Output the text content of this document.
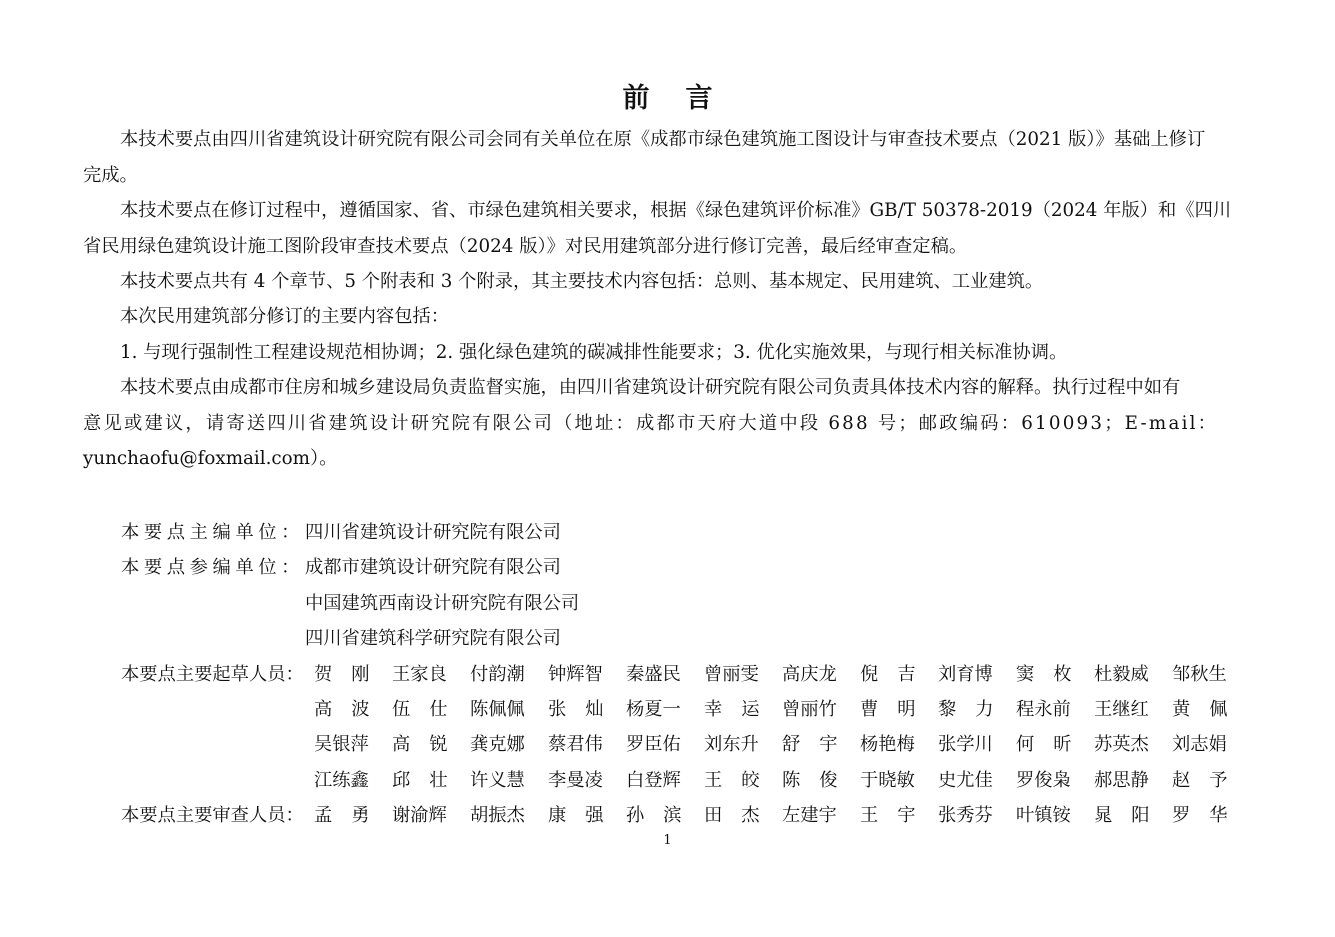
前言
本技术要点由四川省建筑设计研究院有限公司会同有关单位在原《成都市绿色建筑施工图设计与审查技术要点（2021 版）》基础上修订
完成。
本技术要点在修订过程中，遵循国家、省、市绿色建筑相关要求，根据《绿色建筑评价标准》GB/T 50378-2019（2024 年版）和《四川
省民用绿色建筑设计施工图阶段审查技术要点（2024 版）》对民用建筑部分进行修订完善，最后经审查定稿。
本技术要点共有 4 个章节、5 个附表和 3 个附录，其主要技术内容包括：总则、基本规定、民用建筑、工业建筑。
本次民用建筑部分修订的主要内容包括：
1. 与现行强制性工程建设规范相协调；2. 强化绿色建筑的碳减排性能要求；3. 优化实施效果，与现行相关标准协调。
本技术要点由成都市住房和城乡建设局负责监督实施，由四川省建筑设计研究院有限公司负责具体技术内容的解释。执行过程中如有
意见或建议，请寄送四川省建筑设计研究院有限公司（地址：成都市天府大道中段 688 号；邮政编码：610093；E-mail：
yunchaofu@foxmail.com）。
本要点主编单位： 四川省建筑设计研究院有限公司
本要点参编单位： 成都市建筑设计研究院有限公司
中国建筑西南设计研究院有限公司
四川省建筑科学研究院有限公司
本要点主要起草人员： 贺刚 王家良	付韵潮	钟辉智	秦盛民	曾丽雯	高庆龙	倪吉 刘育博	窦枚 杜毅威	邹秋生
高波 伍仕 陈佩佩	张灿 杨夏一	幸运 曾丽竹	曹明 黎力 程永前	王继红	黄佩
吴银萍	高锐 龚克娜	蔡君伟	罗臣佑	刘东升	舒宇 杨艳梅	张学川	何昕 苏英杰	刘志娟
江练鑫	邱壮 许义慧	李曼凌	白登辉	王皎 陈俊 于晓敏	史尤佳	罗俊枭	郝思静	赵予
本要点主要审查人员： 孟勇 谢渝辉	胡振杰	康强 孙滨 田杰 左建宇	王宇 张秀芬	叶镇铵	晁阳 罗华
1
